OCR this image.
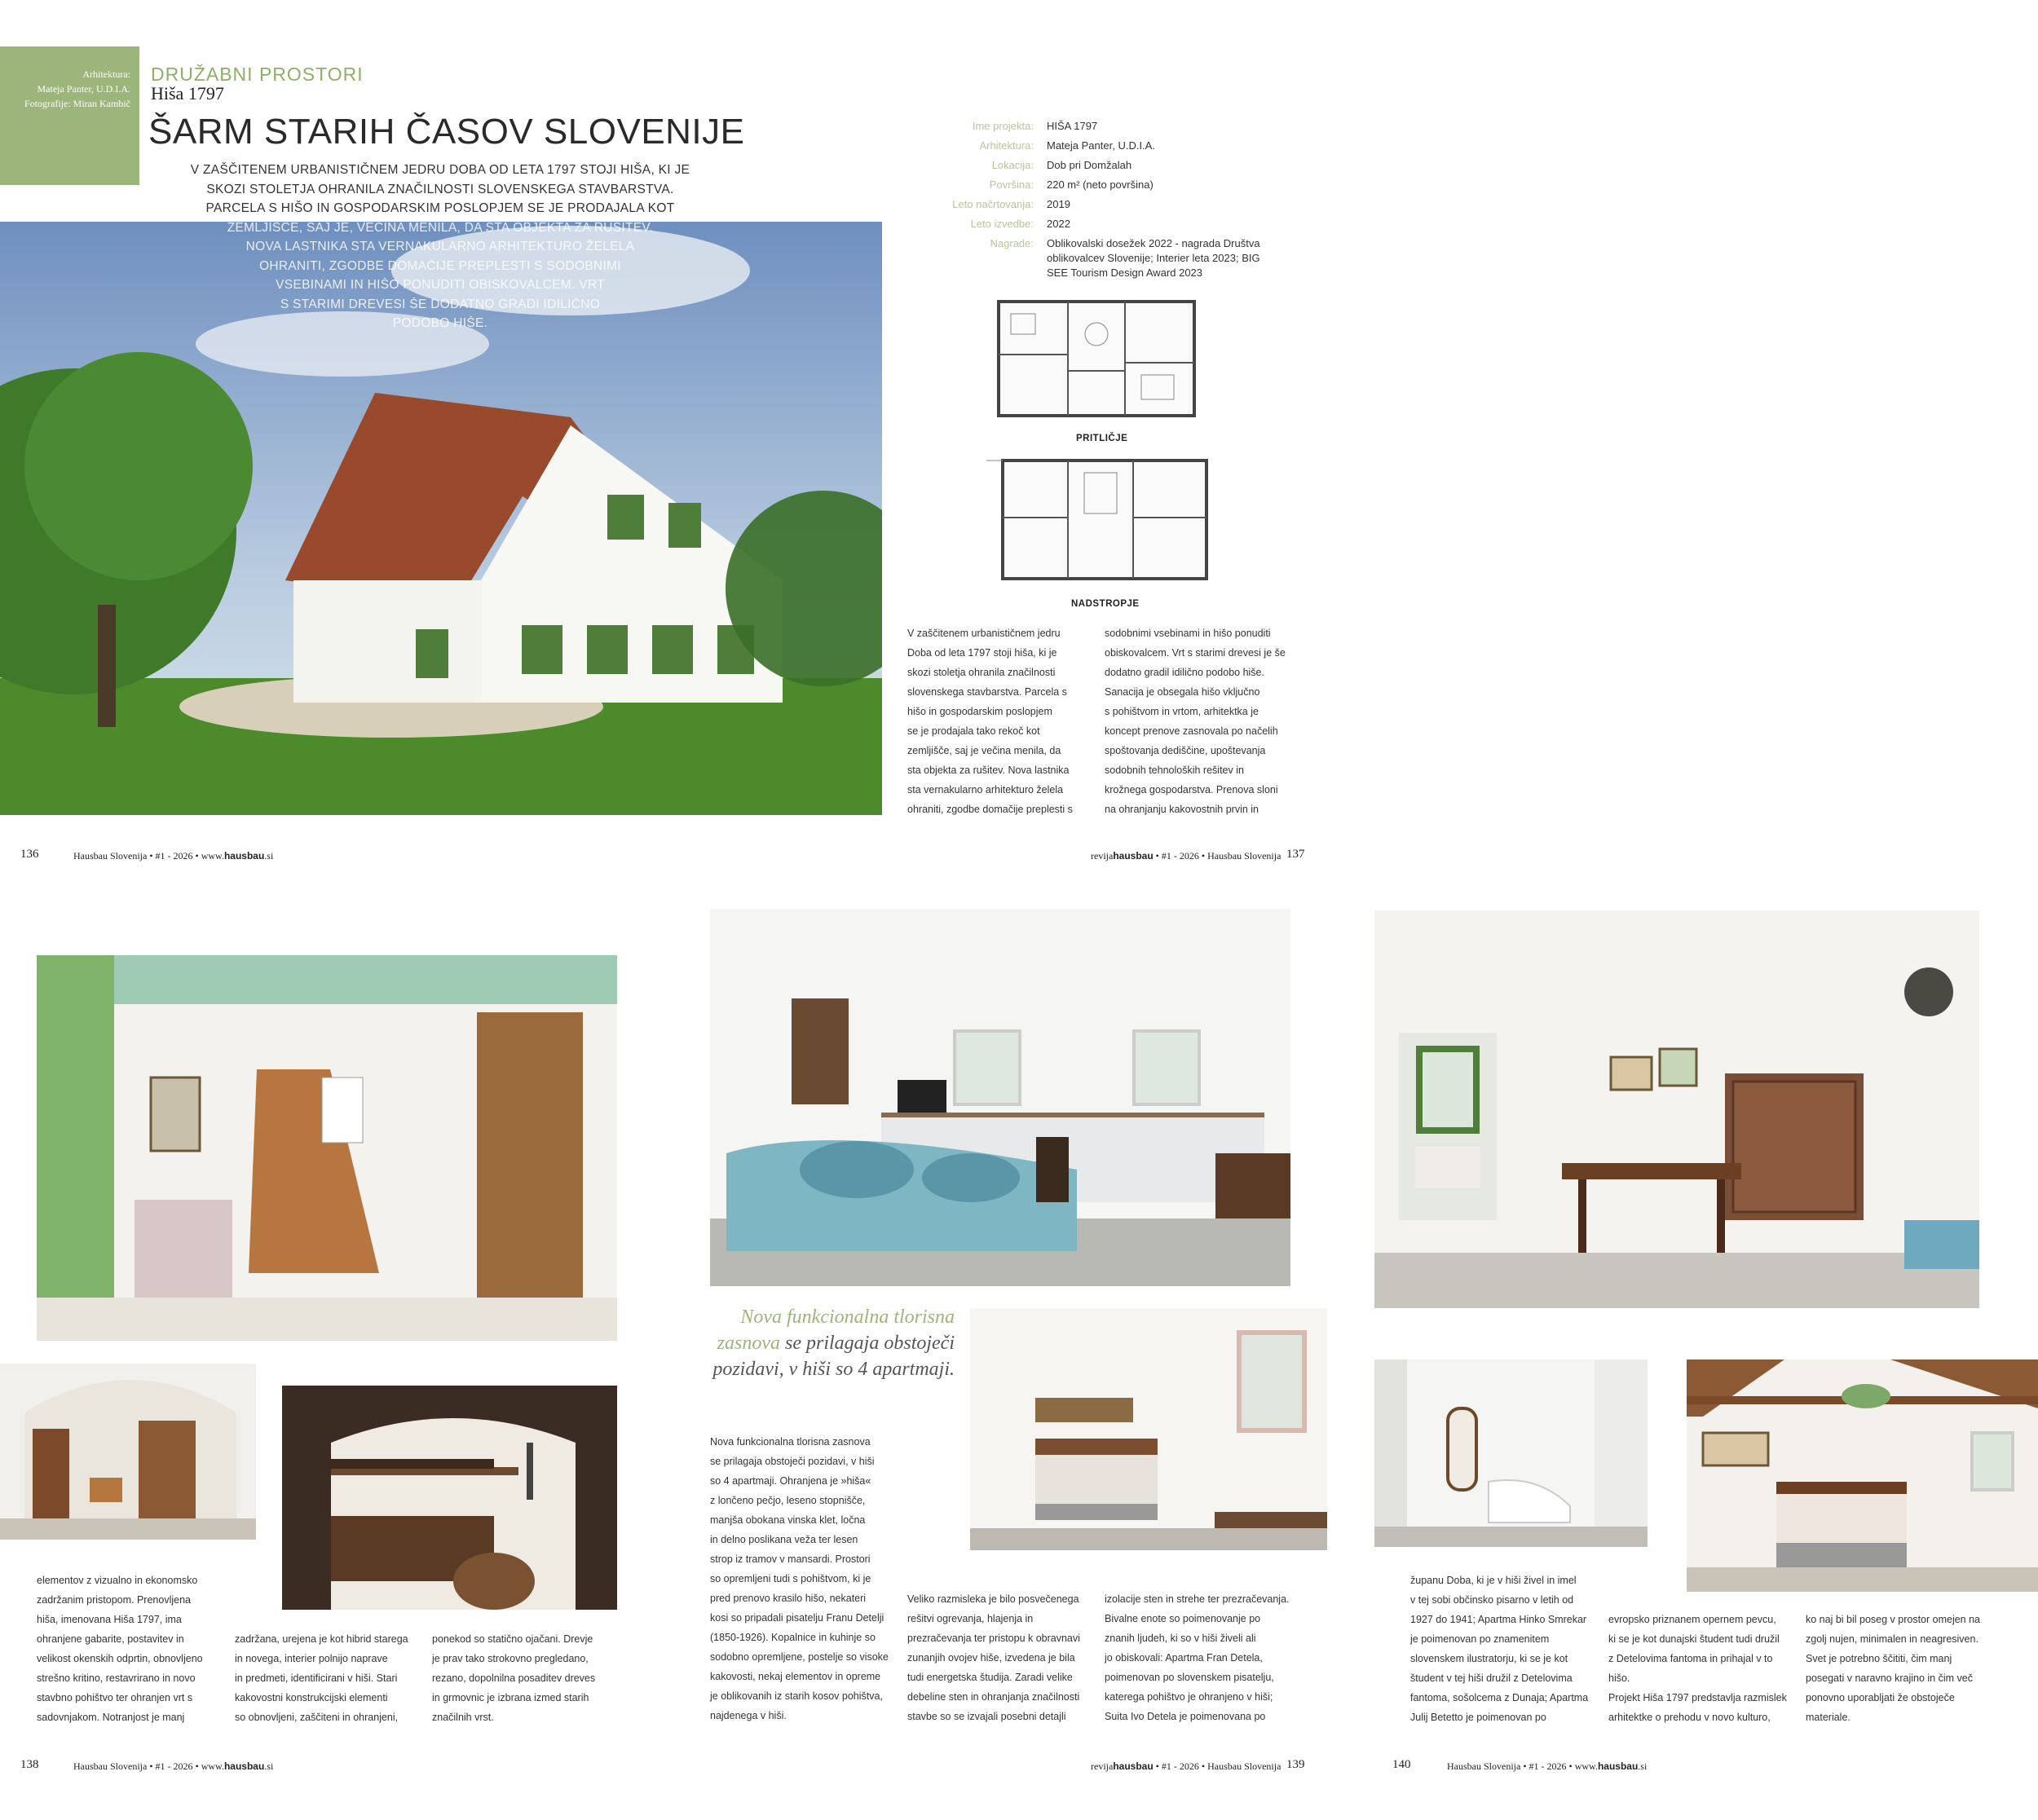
Arhitektura:
Mateja Panter, U.D.I.A.
Fotografije: Miran Kambič
DRUŽABNI PROSTORI
Hiša 1797
ŠARM STARIH ČASOV SLOVENIJE
V ZAŠČITENEM URBANISTIČNEM JEDRU DOBA OD LETA 1797 STOJI HIŠA, KI JE
SKOZI STOLETJA OHRANILA ZNAČILNOSTI SLOVENSKEGA STAVBARSTVA.
PARCELA S HIŠO IN GOSPODARSKIM POSLOPJEM SE JE PRODAJALA KOT
ZEMLJIŠČE, SAJ JE, VEČINA MENILA, DA STA OBJEKTA ZA RUŠITEV.
NOVA LASTNIKA STA VERNAKULARNO ARHITEKTURO ŽELELA
OHRANITI, ZGODBE DOMAČIJE PREPLESTI S SODOBNIMI
VSEBINAMI IN HIŠO PONUDITI OBISKOVALCEM. VRT
S STARIMI DREVESI ŠE DODATNO GRADI IDILIČNO
PODOBO HIŠE.
Ime projekta:	HIŠA 1797
Arhitektura:	Mateja Panter, U.D.I.A.
Lokacija:	Dob pri Domžalah
Površina:	220 m² (neto površina)
Leto načrtovanja:	2019
Leto izvedbe:	2022
Nagrade:	Oblikovalski dosežek 2022 - nagrada Društva oblikovalcev Slovenije; Interier leta 2023; BIG SEE Tourism Design Award 2023
PRITLIČJE
NADSTROPJE
V zaščitenem urbanističnem jedru
Doba od leta 1797 stoji hiša, ki je
skozi stoletja ohranila značilnosti
slovenskega stavbarstva. Parcela s
hišo in gospodarskim poslopjem
se je prodajala tako rekoč kot
zemljišče, saj je večina menila, da
sta objekta za rušitev. Nova lastnika
sta vernakularno arhitekturo želela
ohraniti, zgodbe domačije preplesti s
sodobnimi vsebinami in hišo ponuditi
obiskovalcem. Vrt s starimi drevesi je še
dodatno gradil idilično podobo hiše.
Sanacija je obsegala hišo vključno
s pohištvom in vrtom, arhitektka je
koncept prenove zasnovala po načelih
spoštovanja dediščine, upoštevanja
sodobnih tehnoloških rešitev in
krožnega gospodarstva. Prenova sloni
na ohranjanju kakovostnih prvin in
136	Hausbau Slovenija • #1 - 2026 • www.hausbau.si	revijahausbau • #1 - 2026 • Hausbau Slovenija 137
elementov z vizualno in ekonomsko
zadržanim pristopom. Prenovljena
hiša, imenovana Hiša 1797, ima
ohranjene gabarite, postavitev in
velikost okenskih odprtin, obnovljeno
strešno kritino, restavrirano in novo
stavbno pohištvo ter ohranjen vrt s
sadovnjakom. Notranjost je manj
zadržana, urejena je kot hibrid starega
in novega, interier polnijo naprave
in predmeti, identificirani v hiši. Stari
kakovostni konstrukcijski elementi
so obnovljeni, zaščiteni in ohranjeni,
ponekod so statično ojačani. Drevje
je prav tako strokovno pregledano,
rezano, dopolnilna posaditev dreves
in grmovnic je izbrana izmed starih
značilnih vrst.
138	Hausbau Slovenija • #1 - 2026 • www.hausbau.si
Nova funkcionalna tlorisna
zasnova se prilagaja obstoječi
pozidavi, v hiši so 4 apartmaji.
Nova funkcionalna tlorisna zasnova
se prilagaja obstoječi pozidavi, v hiši
so 4 apartmaji. Ohranjena je »hiša«
z lončeno pečjo, leseno stopnišče,
manjša obokana vinska klet, ločna
in delno poslikana veža ter lesen
strop iz tramov v mansardi. Prostori
so opremljeni tudi s pohištvom, ki je
pred prenovo krasilo hišo, nekateri
kosi so pripadali pisatelju Franu Detelji
(1850-1926). Kopalnice in kuhinje so
sodobno opremljene, postelje so visoke
kakovosti, nekaj elementov in opreme
je oblikovanih iz starih kosov pohištva,
najdenega v hiši.
Veliko razmisleka je bilo posvečenega
rešitvi ogrevanja, hlajenja in
prezračevanja ter pristopu k obravnavi
zunanjih ovojev hiše, izvedena je bila
tudi energetska študija. Zaradi velike
debeline sten in ohranjanja značilnosti
stavbe so se izvajali posebni detajli
izolacije sten in strehe ter prezračevanja.
Bivalne enote so poimenovanje po
znanih ljudeh, ki so v hiši živeli ali
jo obiskovali: Apartma Fran Detela,
poimenovan po slovenskem pisatelju,
katerega pohištvo je ohranjeno v hiši;
Suita Ivo Detela je poimenovana po
revijahausbau • #1 - 2026 • Hausbau Slovenija 139
županu Doba, ki je v hiši živel in imel
v tej sobi občinsko pisarno v letih od
1927 do 1941; Apartma Hinko Smrekar
je poimenovan po znamenitem
slovenskem ilustratorju, ki se je kot
študent v tej hiši družil z Detelovima
fantoma, sošolcema z Dunaja; Apartma
Julij Betetto je poimenovan po
evropsko priznanem opernem pevcu,
ki se je kot dunajski študent tudi družil
z Detelovima fantoma in prihajal v to
hišo.
Projekt Hiša 1797 predstavlja razmislek
arhitektke o prehodu v novo kulturo,
ko naj bi bil poseg v prostor omejen na
zgolj nujen, minimalen in neagresiven.
Svet je potrebno ščititi, čim manj
posegati v naravno krajino in čim več
ponovno uporabljati že obstoječe
materiale.
140	Hausbau Slovenija • #1 - 2026 • www.hausbau.si
